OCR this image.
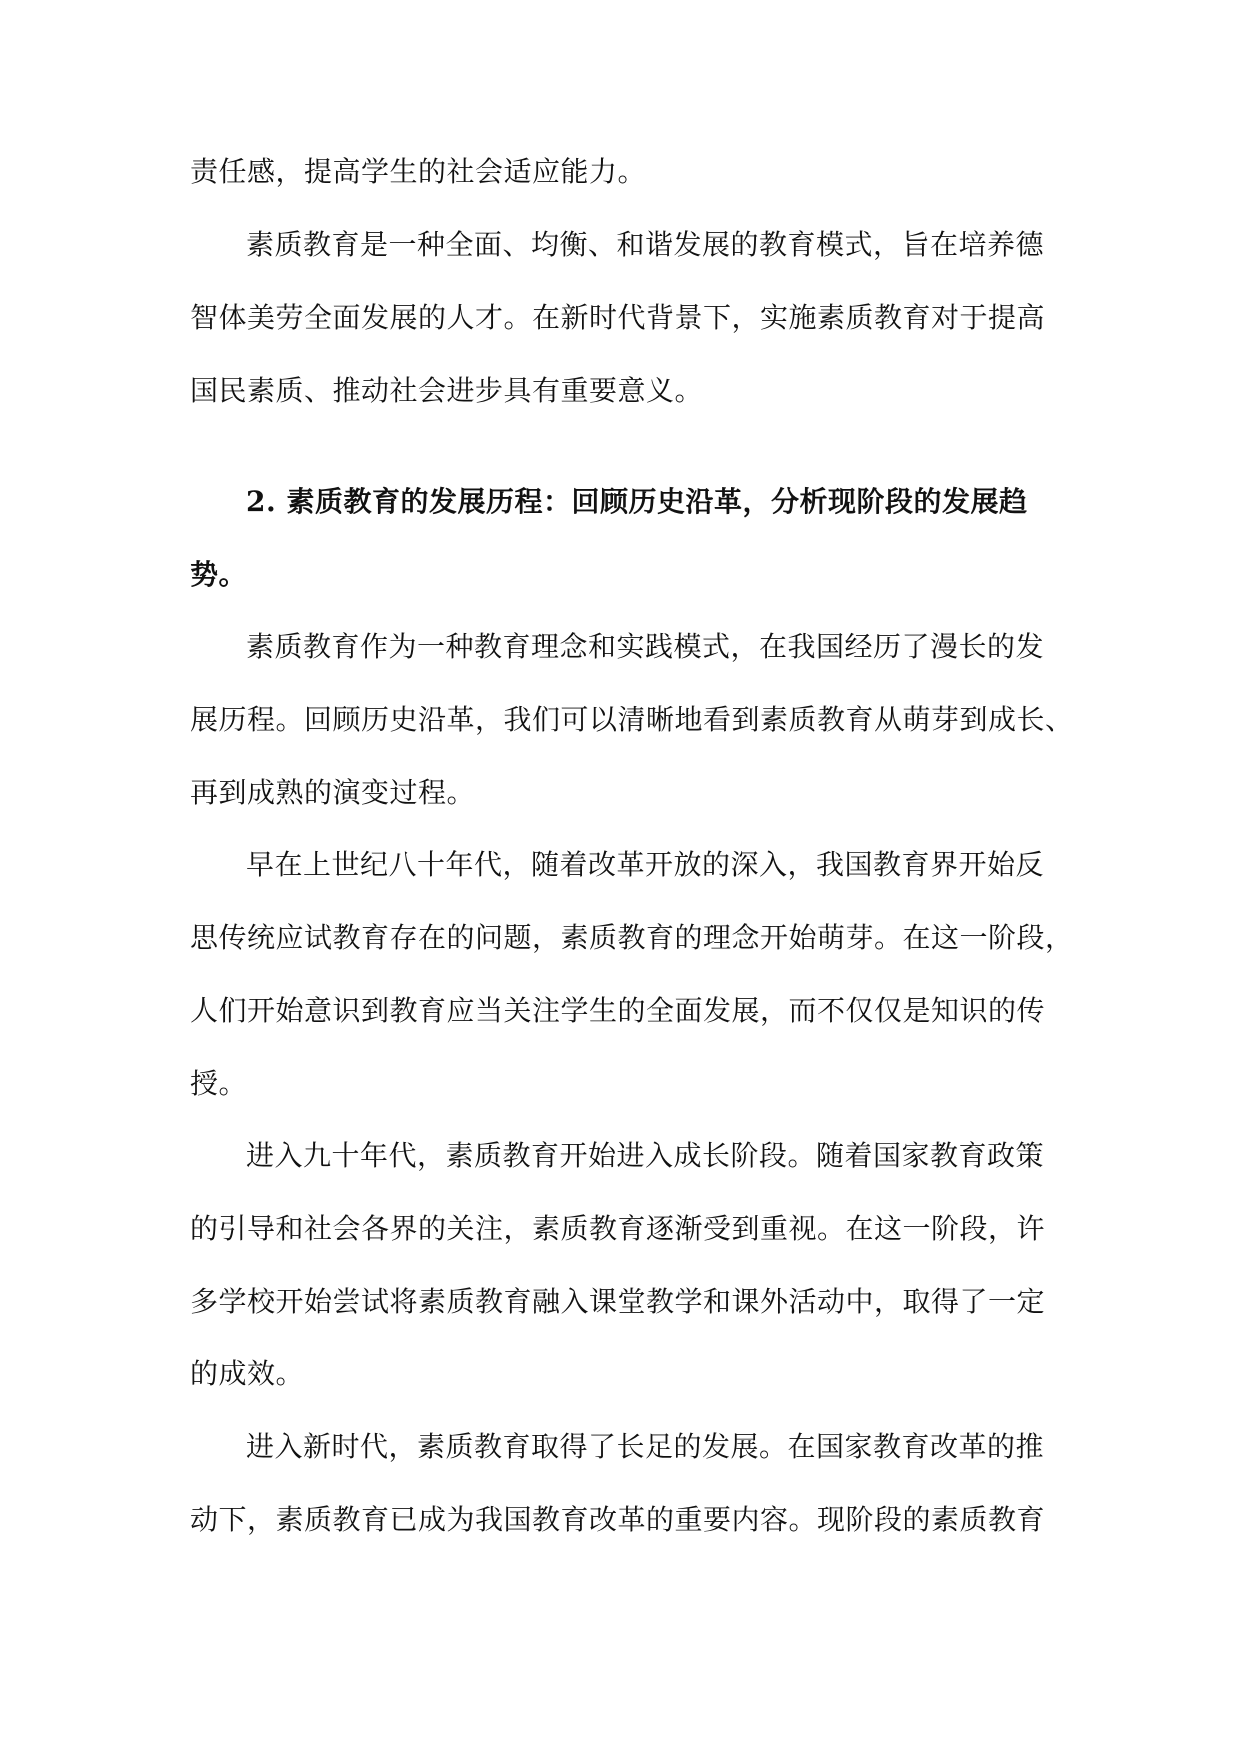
责任感，提高学生的社会适应能力。
素质教育是一种全面、均衡、和谐发展的教育模式，旨在培养德
智体美劳全面发展的人才。在新时代背景下，实施素质教育对于提高
国民素质、推动社会进步具有重要意义。
2. 素质教育的发展历程：回顾历史沿革，分析现阶段的发展趋
势。
素质教育作为一种教育理念和实践模式，在我国经历了漫长的发
展历程。回顾历史沿革，我们可以清晰地看到素质教育从萌芽到成长、
再到成熟的演变过程。
早在上世纪八十年代，随着改革开放的深入，我国教育界开始反
思传统应试教育存在的问题，素质教育的理念开始萌芽。在这一阶段，
人们开始意识到教育应当关注学生的全面发展，而不仅仅是知识的传
授。
进入九十年代，素质教育开始进入成长阶段。随着国家教育政策
的引导和社会各界的关注，素质教育逐渐受到重视。在这一阶段，许
多学校开始尝试将素质教育融入课堂教学和课外活动中，取得了一定
的成效。
进入新时代，素质教育取得了长足的发展。在国家教育改革的推
动下，素质教育已成为我国教育改革的重要内容。现阶段的素质教育
